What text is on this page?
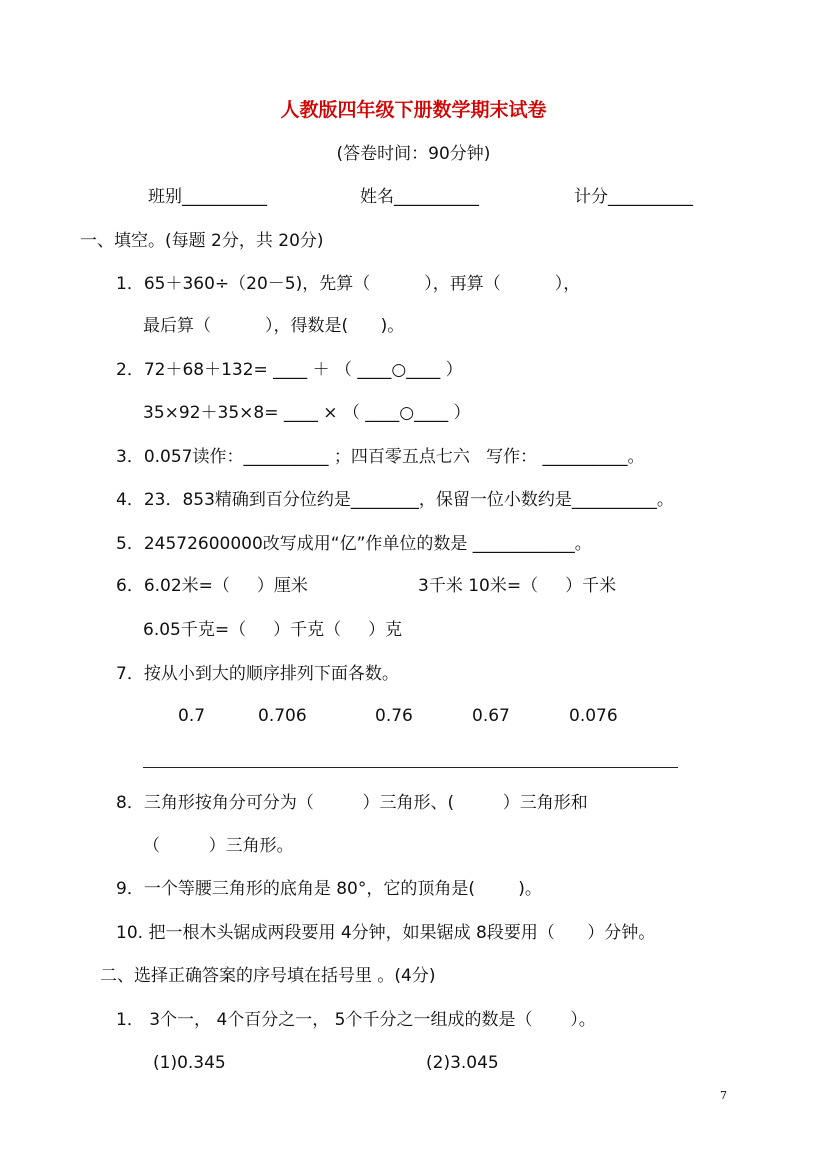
人教版四年级下册数学期末试卷
(答卷时间：90分钟)
班别__________	姓名__________	计分__________
一、填空。(每题 2分，共 20分)
1．65＋360÷（20－5)，先算（          ），再算（          ），
最后算（          ），得数是(      )。
2．72＋68＋132= ____ ＋ （ ____○____ ）
35×92＋35×8= ____ × （ ____○____ ）
3．0.057读作：__________ ；四百零五点七六   写作： __________。
4．23．853精确到百分位约是________，保留一位小数约是__________。
5．24572600000改写成用“亿”作单位的数是 ____________。
6．6.02米=（     ）厘米	3千米 10米=（     ）千米
6.05千克=（     ）千克（     ）克
7．按从小到大的顺序排列下面各数。
0.7	0.706	0.76	0.67	0.076
8．三角形按角分可分为（         ）三角形、(         ）三角形和
（         ）三角形。
9．一个等腰三角形的底角是 80°，它的顶角是(        )。
10. 把一根木头锯成两段要用 4分钟，如果锯成 8段要用（      ）分钟。
二、选择正确答案的序号填在括号里 。(4分)
1． 3个一， 4个百分之一， 5个千分之一组成的数是（       ）。
(1)0.345	(2)3.045
7
